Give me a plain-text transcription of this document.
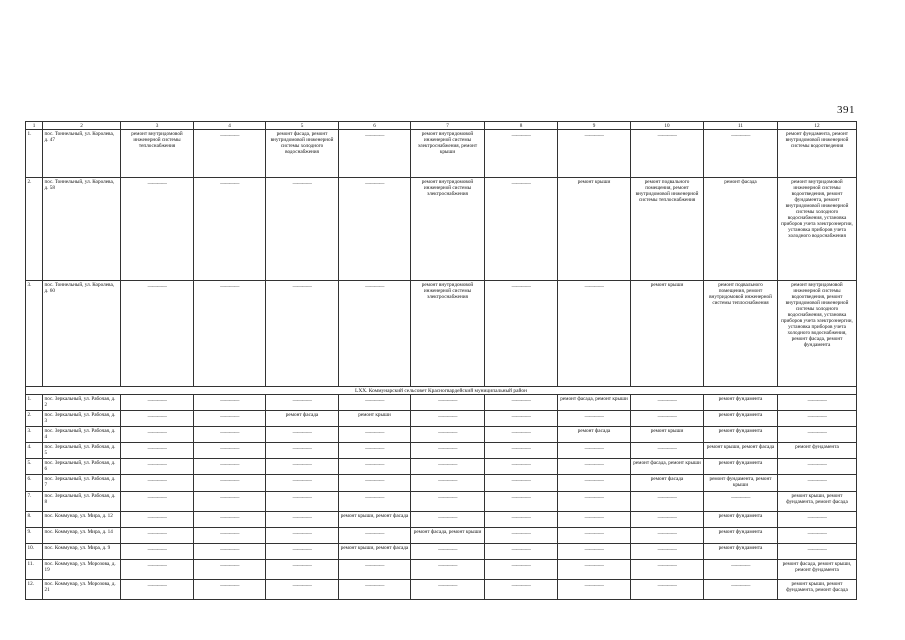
391
1	2	3	4	5	6	7	8	9	10	11	12
1.	пос. Тоннельный, ул. Королева, д. 47	ремонт внутридомовой инженерной системы теплоснабжения	————	ремонт фасада, ремонт внутридомовой инженерной системы холодного водоснабжения	————	ремонт внутридомовой инженерной системы электроснабжения, ремонт крыши	————	————	————	————	ремонт фундамента, ремонт внутридомовой инженерной системы водоотведения
2.	пос. Тоннельный, ул. Королева, д. 58	————	————	————	————	ремонт внутридомовой инженерной системы электроснабжения	————	ремонт крыши	ремонт подвального помещения, ремонт внутридомовой инженерной системы теплоснабжения	ремонт фасада	ремонт внутридомовой инженерной системы водоотведения, ремонт фундамента, ремонт внутридомовой инженерной системы холодного водоснабжения, установка приборов учета электроэнергии, установка приборов учета холодного водоснабжения
3.	пос. Тоннельный, ул. Королева, д. 60	————	————	————	————	ремонт внутридомовой инженерной системы электроснабжения	————	————	ремонт крыши	ремонт подвального помещения, ремонт внутридомовой инженерной системы теплоснабжения	ремонт внутридомовой инженерной системы водоотведения, ремонт внутридомовой инженерной системы холодного водоснабжения, установка приборов учета электроэнергии, установка приборов учета холодного водоснабжения, ремонт фасада, ремонт фундамента
LXX. Коммунарский сельсовет Красногвардейский муниципальный район											
1.	пос. Зеркальный, ул. Рабочая, д. 2	————	————	————	————	————	————	ремонт фасада, ремонт крыши	————	ремонт фундамента	————
2.	пос. Зеркальный, ул. Рабочая, д. 3	————	————	ремонт фасада	ремонт крыши	————	————	————	————	ремонт фундамента	————
3.	пос. Зеркальный, ул. Рабочая, д. 4	————	————	————	————	————	————	ремонт фасада	ремонт крыши	ремонт фундамента	————
4.	пос. Зеркальный, ул. Рабочая, д. 5	————	————	————	————	————	————	————	————	ремонт крыши, ремонт фасада	ремонт фундамента
5.	пос. Зеркальный, ул. Рабочая, д. 6	————	————	————	————	————	————	————	ремонт фасада, ремонт крыши	ремонт фундамента	————
6.	пос. Зеркальный, ул. Рабочая, д. 7	————	————	————	————	————	————	————	ремонт фасада	ремонт фундамента, ремонт крыши	————
7.	пос. Зеркальный, ул. Рабочая, д. 8	————	————	————	————	————	————	————	————	————	ремонт крыши, ремонт фундамента, ремонт фасада
8.	пос. Коммунар, ул. Мира, д. 12	————	————	————	ремонт крыши, ремонт фасада	————	————	————	————	ремонт фундамента	————
9.	пос. Коммунар, ул. Мира, д. 14	————	————	————	————	ремонт фасада, ремонт крыши	————	————	————	ремонт фундамента	————
10.	пос. Коммунар, ул. Мира, д. 9	————	————	————	ремонт крыши, ремонт фасада	————	————	————	————	ремонт фундамента	————
11.	пос. Коммунар, ул. Морозова, д. 19	————	————	————	————	————	————	————	————	————	ремонт фасада, ремонт крыши, ремонт фундамента
12.	пос. Коммунар, ул. Морозова, д. 21	————	————	————	————	————	————	————	————	————	ремонт крыши, ремонт фундамента, ремонт фасада
